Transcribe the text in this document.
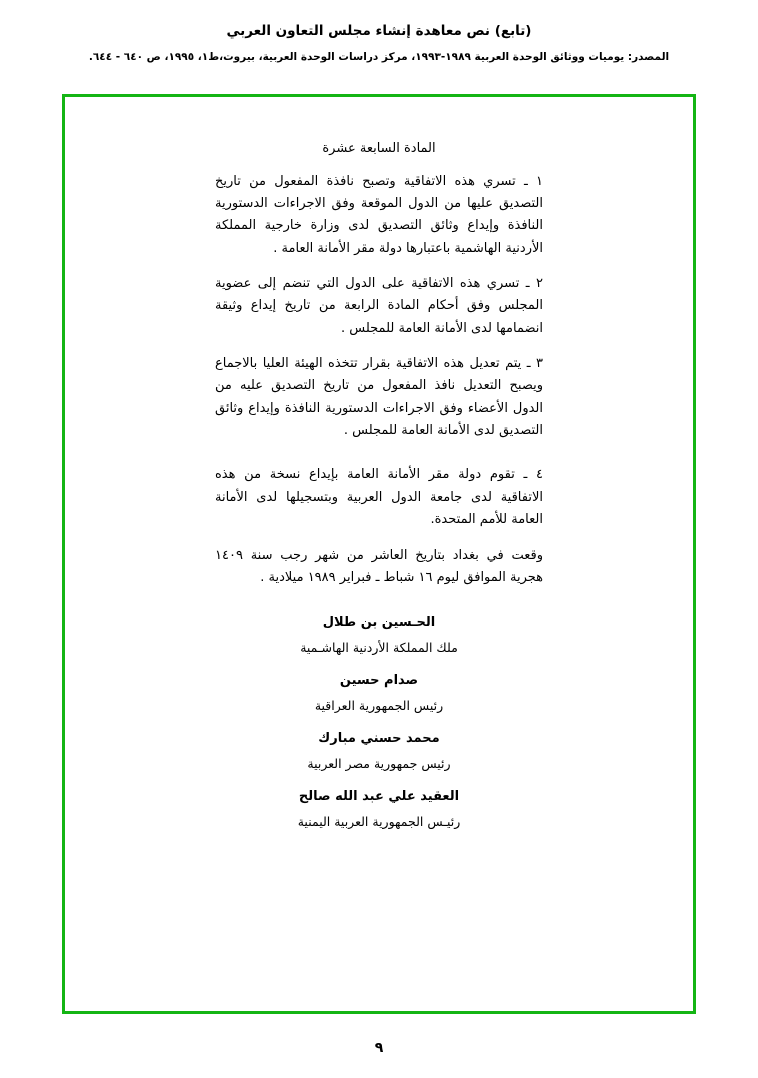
(تابع) نص معاهدة إنشاء مجلس التعاون العربي
المصدر: يوميات ووثائق الوحدة العربية ١٩٨٩-١٩٩٣، مركز دراسات الوحدة العربية، بيروت،ط١، ١٩٩٥، ص ٦٤٠ - ٦٤٤.
المادة السابعة عشرة

١ ـ تسري هذه الاتفاقية وتصبح نافذة المفعول من تاريخ التصديق عليها من الدول الموقعة وفق الاجراءات الدستورية النافذة وإيداع وثائق التصديق لدى وزارة خارجية المملكة الأردنية الهاشمية باعتبارها دولة مقر الأمانة العامة .

٢ ـ تسري هذه الاتفاقية على الدول التي تنضم إلى عضوية المجلس وفق أحكام المادة الرابعة من تاريخ إيداع وثيقة انضمامها لدى الأمانة العامة للمجلس .

٣ ـ يتم تعديل هذه الاتفاقية بقرار تتخذه الهيئة العليا بالاجماع ويصبح التعديل نافذ المفعول من تاريخ التصديق عليه من الدول الأعضاء وفق الاجراءات الدستورية النافذة وإيداع وثائق التصديق لدى الأمانة العامة للمجلس .

٤ ـ تقوم دولة مقر الأمانة العامة بإيداع نسخة من هذه الاتفاقية لدى جامعة الدول العربية وبتسجيلها لدى الأمانة العامة للأمم المتحدة.

وقعت في بغداد بتاريخ العاشر من شهر رجب سنة ١٤٠٩ هجرية الموافق ليوم ١٦ شباط ـ فبراير ١٩٨٩ ميلادية .

الحـسين بن طلال
ملك المملكة الأردنية الهاشـمية
صدام حسين
رئيس الجمهورية العراقية
محمد حسني مبارك
رئيس جمهورية مصر العربية
العقيد علي عبد الله صالح
رئيـس الجمهورية العربية اليمنية
٩
